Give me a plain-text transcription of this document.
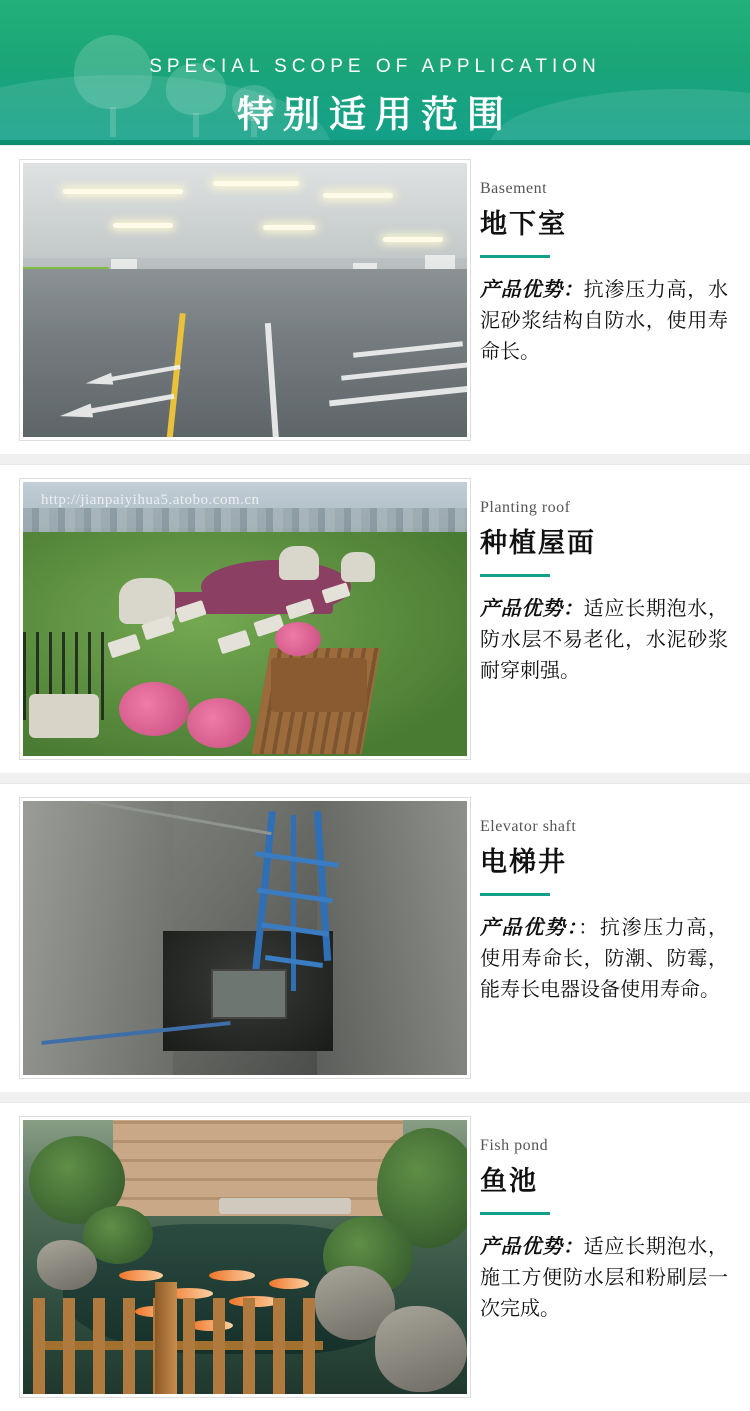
SPECIAL SCOPE OF APPLICATION
特别适用范围
Basement
地下室
产品优势：抗渗压力高，水泥砂浆结构自防水，使用寿命长。
http://jianpaiyihua5.atobo.com.cn	Planting roof
种植屋面
产品优势：适应长期泡水，防水层不易老化，水泥砂浆耐穿刺强。
Elevator shaft
电梯井
产品优势：：抗渗压力高，使用寿命长，防潮、防霉，能寿长电器设备使用寿命。
Fish pond
鱼池
产品优势：适应长期泡水，施工方便防水层和粉刷层一次完成。
